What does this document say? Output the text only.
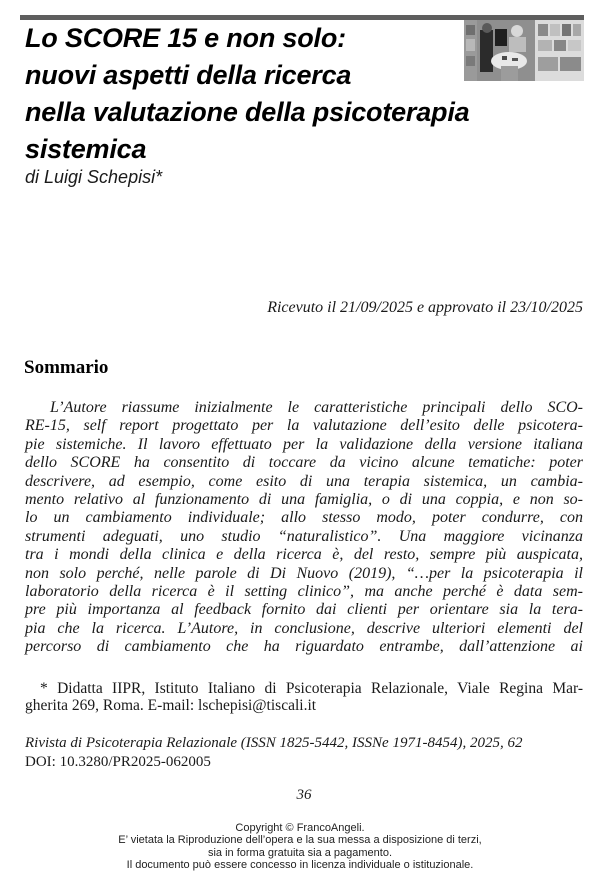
Lo SCORE 15 e non solo:
nuovi aspetti della ricerca
nella valutazione della psicoterapia
sistemica
di Luigi Schepisi*
Ricevuto il 21/09/2025 e approvato il 23/10/2025
Sommario
L’Autore riassume inizialmente le caratteristiche principali dello SCO-
RE-15, self report progettato per la valutazione dell’esito delle psicotera-
pie sistemiche. Il lavoro effettuato per la validazione della versione italiana
dello SCORE ha consentito di toccare da vicino alcune tematiche: poter
descrivere, ad esempio, come esito di una terapia sistemica, un cambia-
mento relativo al funzionamento di una famiglia, o di una coppia, e non so-
lo un cambiamento individuale; allo stesso modo, poter condurre, con
strumenti adeguati, uno studio “naturalistico”. Una maggiore vicinanza
tra i mondi della clinica e della ricerca è, del resto, sempre più auspicata,
non solo perché, nelle parole di Di Nuovo (2019), “…per la psicoterapia il
laboratorio della ricerca è il setting clinico”, ma anche perché è data sem-
pre più importanza al feedback fornito dai clienti per orientare sia la tera-
pia che la ricerca. L’Autore, in conclusione, descrive ulteriori elementi del
percorso di cambiamento che ha riguardato entrambe, dall’attenzione ai
* Didatta IIPR, Istituto Italiano di Psicoterapia Relazionale, Viale Regina Mar-
gherita 269, Roma. E-mail: lschepisi@tiscali.it
Rivista di Psicoterapia Relazionale (ISSN 1825-5442, ISSNe 1971-8454), 2025, 62
DOI: 10.3280/PR2025-062005
36
Copyright © FrancoAngeli.
E’ vietata la Riproduzione dell’opera e la sua messa a disposizione di terzi,
sia in forma gratuita sia a pagamento.
Il documento può essere concesso in licenza individuale o istituzionale.
